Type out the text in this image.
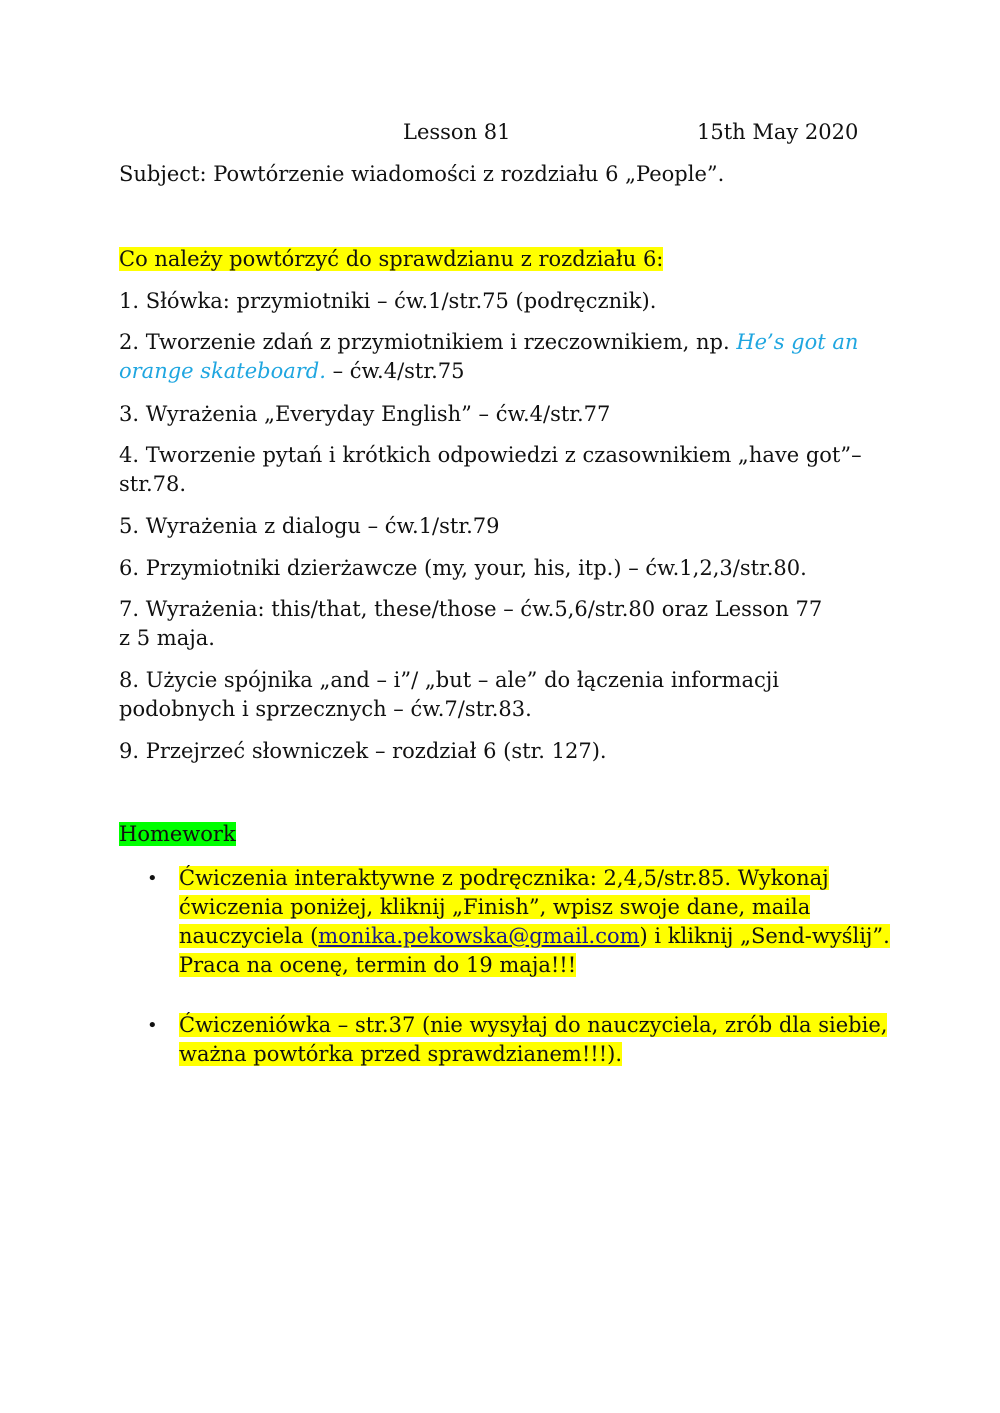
Lesson 81	15th May 2020
Subject: Powtórzenie wiadomości z rozdziału 6 „People”.
Co należy powtórzyć do sprawdzianu z rozdziału 6:
1. Słówka: przymiotniki – ćw.1/str.75 (podręcznik).
2. Tworzenie zdań z przymiotnikiem i rzeczownikiem, np. He’s got an
orange skateboard. – ćw.4/str.75
3. Wyrażenia „Everyday English” – ćw.4/str.77
4. Tworzenie pytań i krótkich odpowiedzi z czasownikiem „have got”–
str.78.
5. Wyrażenia z dialogu – ćw.1/str.79
6. Przymiotniki dzierżawcze (my, your, his, itp.) – ćw.1,2,3/str.80.
7. Wyrażenia: this/that, these/those – ćw.5,6/str.80 oraz Lesson 77
z 5 maja.
8. Użycie spójnika „and – i”/ „but – ale” do łączenia informacji
podobnych i sprzecznych – ćw.7/str.83.
9. Przejrzeć słowniczek – rozdział 6 (str. 127).
Homework
• Ćwiczenia interaktywne z podręcznika: 2,4,5/str.85. Wykonaj
ćwiczenia poniżej, kliknij „Finish”, wpisz swoje dane, maila
nauczyciela (monika.pekowska@gmail.com) i kliknij „Send-wyślij”.
Praca na ocenę, termin do 19 maja!!!
• Ćwiczeniówka – str.37 (nie wysyłaj do nauczyciela, zrób dla siebie,
ważna powtórka przed sprawdzianem!!!).
